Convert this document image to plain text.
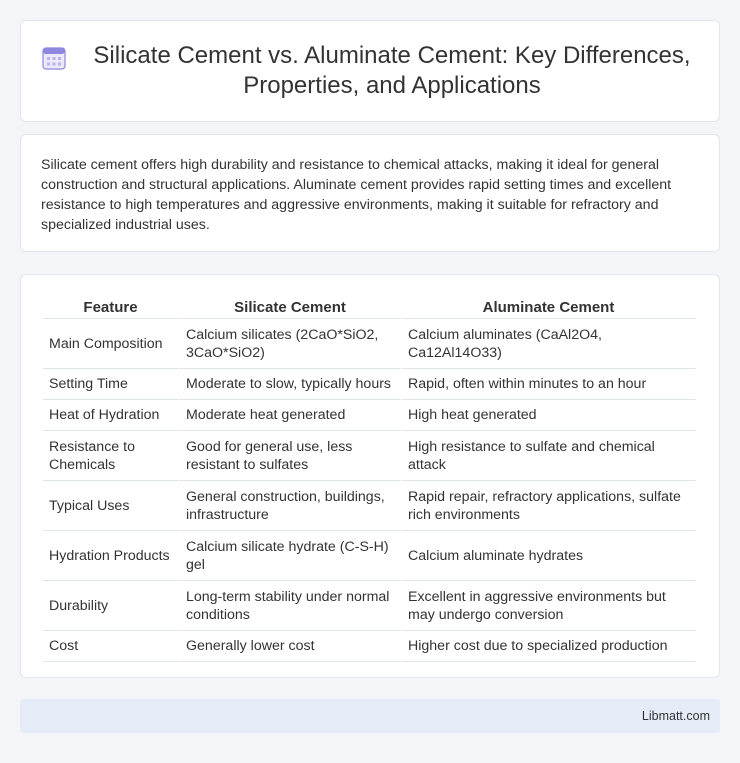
Silicate Cement vs. Aluminate Cement: Key Differences, Properties, and Applications

Silicate cement offers high durability and resistance to chemical attacks, making it ideal for general construction and structural applications. Aluminate cement provides rapid setting times and excellent resistance to high temperatures and aggressive environments, making it suitable for refractory and specialized industrial uses.

Feature	Silicate Cement	Aluminate Cement
Main Composition	Calcium silicates (2CaO*SiO2, 3CaO*SiO2)	Calcium aluminates (CaAl2O4, Ca12Al14O33)
Setting Time	Moderate to slow, typically hours	Rapid, often within minutes to an hour
Heat of Hydration	Moderate heat generated	High heat generated
Resistance to Chemicals	Good for general use, less resistant to sulfates	High resistance to sulfate and chemical attack
Typical Uses	General construction, buildings, infrastructure	Rapid repair, refractory applications, sulfate rich environments
Hydration Products	Calcium silicate hydrate (C-S-H) gel	Calcium aluminate hydrates
Durability	Long-term stability under normal conditions	Excellent in aggressive environments but may undergo conversion
Cost	Generally lower cost	Higher cost due to specialized production
Libmatt.com
